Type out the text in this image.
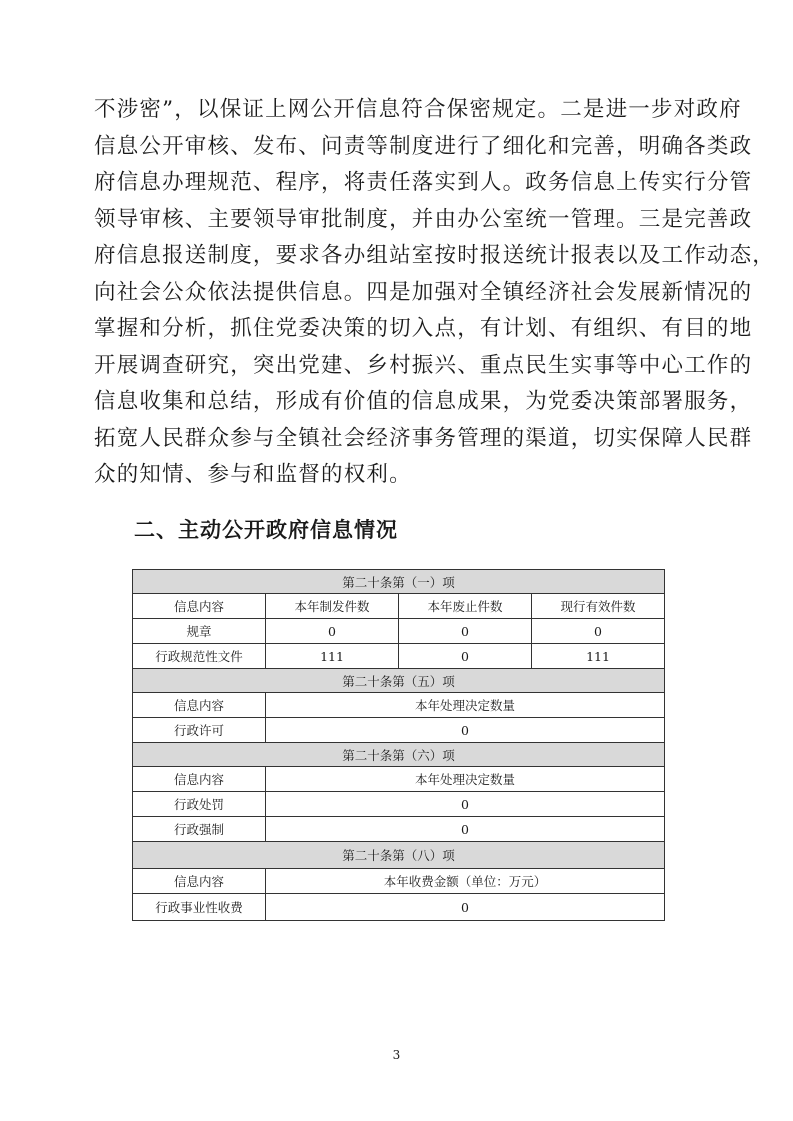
不涉密”，以保证上网公开信息符合保密规定。二是进一步对政府
信息公开审核、发布、问责等制度进行了细化和完善，明确各类政
府信息办理规范、程序，将责任落实到人。政务信息上传实行分管
领导审核、主要领导审批制度，并由办公室统一管理。三是完善政
府信息报送制度，要求各办组站室按时报送统计报表以及工作动态，
向社会公众依法提供信息。四是加强对全镇经济社会发展新情况的
掌握和分析，抓住党委决策的切入点，有计划、有组织、有目的地
开展调查研究，突出党建、乡村振兴、重点民生实事等中心工作的
信息收集和总结，形成有价值的信息成果，为党委决策部署服务，
拓宽人民群众参与全镇社会经济事务管理的渠道，切实保障人民群
众的知情、参与和监督的权利。
二、主动公开政府信息情况
第二十条第（一）项			
信息内容	本年制发件数	本年废止件数	现行有效件数
规章	0	0	0
行政规范性文件	111	0	111
第二十条第（五）项			
信息内容	本年处理决定数量		
行政许可	0		
第二十条第（六）项			
信息内容	本年处理决定数量		
行政处罚	0		
行政强制	0		
第二十条第（八）项			
信息内容	本年收费金额（单位：万元）		
行政事业性收费	0		
3
